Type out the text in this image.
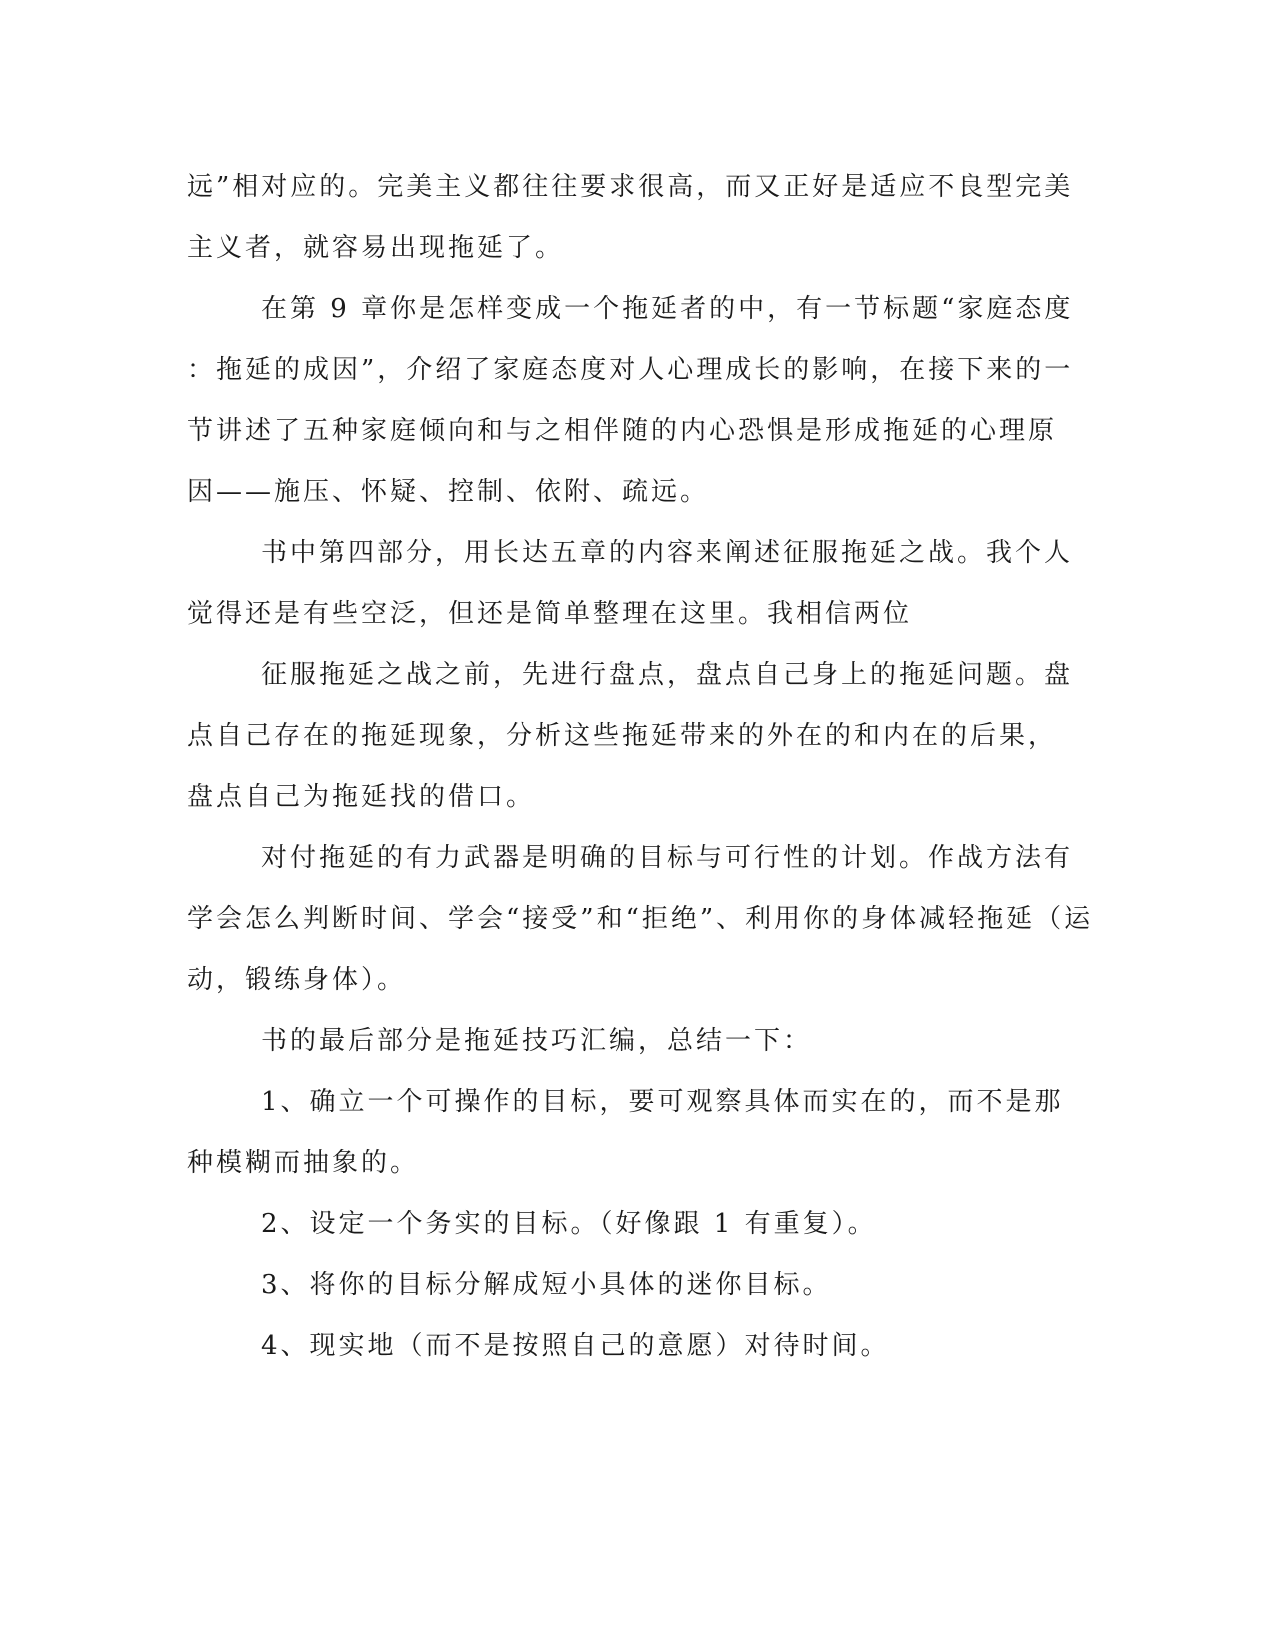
远”相对应的。完美主义都往往要求很高，而又正好是适应不良型完美
主义者，就容易出现拖延了。
在第 9 章你是怎样变成一个拖延者的中，有一节标题“家庭态度
：拖延的成因”，介绍了家庭态度对人心理成长的影响，在接下来的一
节讲述了五种家庭倾向和与之相伴随的内心恐惧是形成拖延的心理原
因——施压、怀疑、控制、依附、疏远。
书中第四部分，用长达五章的内容来阐述征服拖延之战。我个人
觉得还是有些空泛，但还是简单整理在这里。我相信两位
征服拖延之战之前，先进行盘点，盘点自己身上的拖延问题。盘
点自己存在的拖延现象，分析这些拖延带来的外在的和内在的后果，
盘点自己为拖延找的借口。
对付拖延的有力武器是明确的目标与可行性的计划。作战方法有
学会怎么判断时间、学会“接受”和“拒绝”、利用你的身体减轻拖延（运
动，锻练身体）。
书的最后部分是拖延技巧汇编，总结一下：
1、确立一个可操作的目标，要可观察具体而实在的，而不是那
种模糊而抽象的。
2、设定一个务实的目标。（好像跟 1 有重复）。
3、将你的目标分解成短小具体的迷你目标。
4、现实地（而不是按照自己的意愿）对待时间。
